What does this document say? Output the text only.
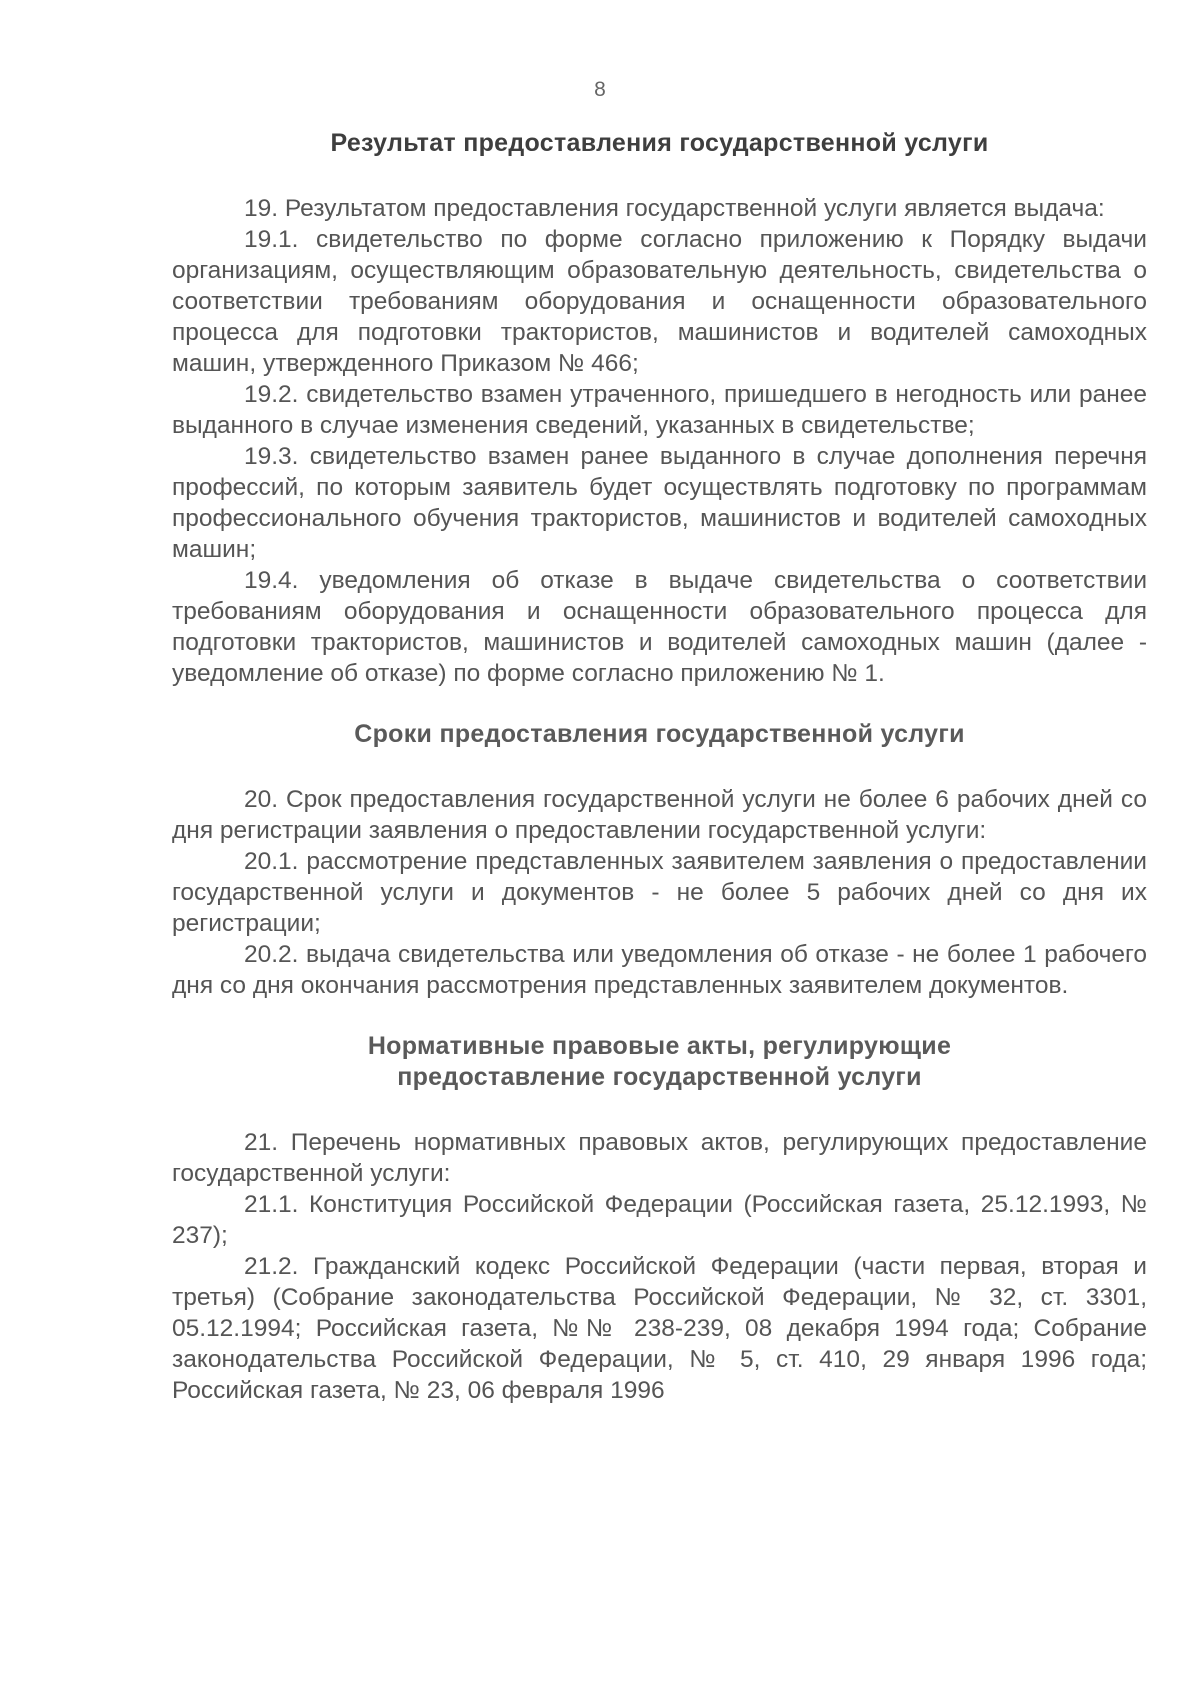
8
Результат предоставления государственной услуги

19. Результатом предоставления государственной услуги является выдача:

19.1. свидетельство по форме согласно приложению к Порядку выдачи организациям, осуществляющим образовательную деятельность, свидетельства о соответствии требованиям оборудования и оснащенности образовательного процесса для подготовки трактористов, машинистов и водителей самоходных машин, утвержденного Приказом № 466;

19.2. свидетельство взамен утраченного, пришедшего в негодность или ранее выданного в случае изменения сведений, указанных в свидетельстве;

19.3. свидетельство взамен ранее выданного в случае дополнения перечня профессий, по которым заявитель будет осуществлять подготовку по программам профессионального обучения трактористов, машинистов и водителей самоходных машин;

19.4. уведомления об отказе в выдаче свидетельства о соответствии требованиям оборудования и оснащенности образовательного процесса для подготовки трактористов, машинистов и водителей самоходных машин (далее - уведомление об отказе) по форме согласно приложению № 1.

Сроки предоставления государственной услуги

20. Срок предоставления государственной услуги не более 6 рабочих дней со дня регистрации заявления о предоставлении государственной услуги:

20.1. рассмотрение представленных заявителем заявления о предоставлении государственной услуги и документов - не более 5 рабочих дней со дня их регистрации;

20.2. выдача свидетельства или уведомления об отказе - не более 1 рабочего дня со дня окончания рассмотрения представленных заявителем документов.

Нормативные правовые акты, регулирующие
предоставление государственной услуги

21. Перечень нормативных правовых актов, регулирующих предоставление государственной услуги:

21.1. Конституция Российской Федерации (Российская газета, 25.12.1993, № 237);

21.2. Гражданский кодекс Российской Федерации (части первая, вторая и третья) (Собрание законодательства Российской Федерации, № 32, ст. 3301, 05.12.1994; Российская газета, №№ 238-239, 08 декабря 1994 года; Собрание законодательства Российской Федерации, № 5, ст. 410, 29 января 1996 года; Российская газета, № 23, 06 февраля 1996
